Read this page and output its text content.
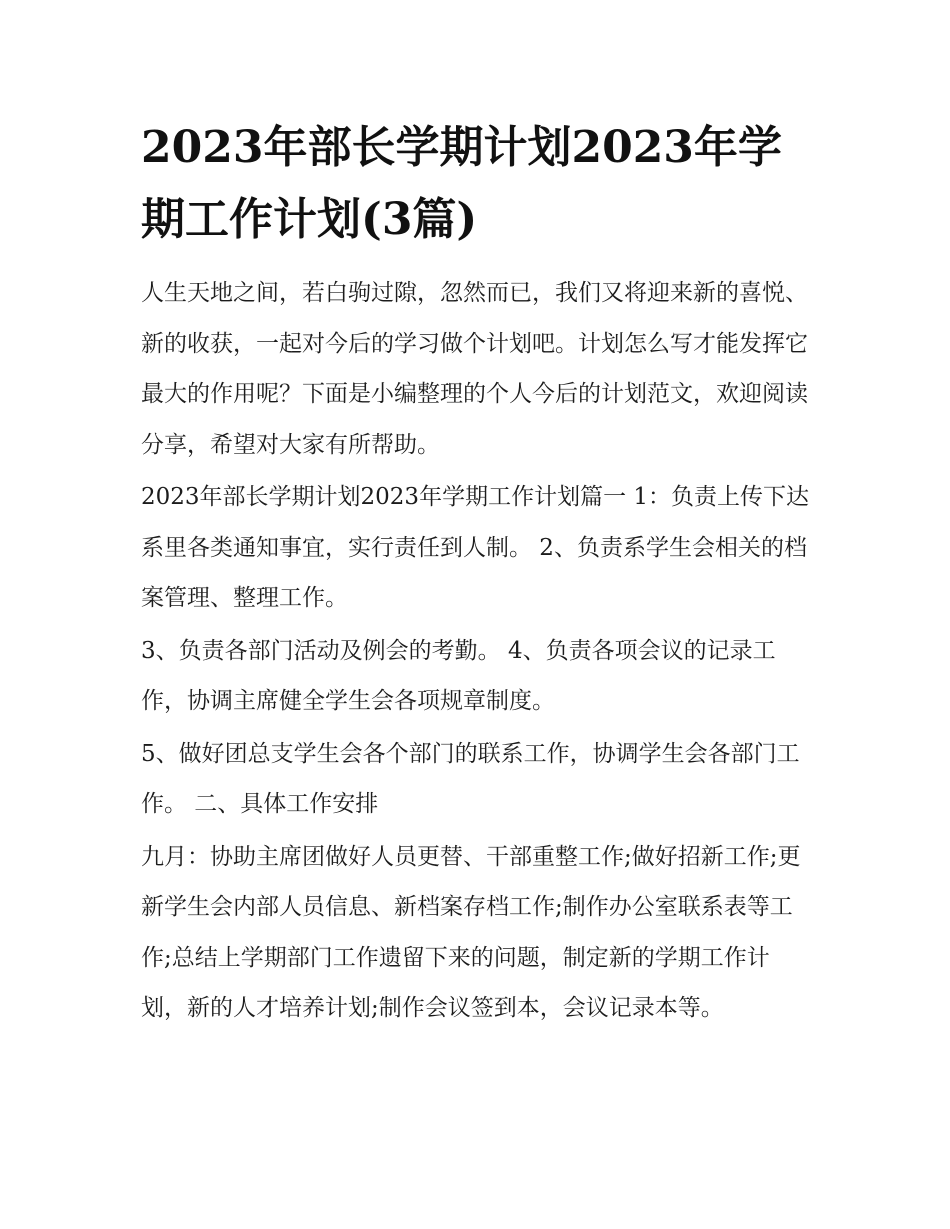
2023年部长学期计划2023年学期工作计划(3篇)

人生天地之间，若白驹过隙，忽然而已，我们又将迎来新的喜悦、新的收获，一起对今后的学习做个计划吧。计划怎么写才能发挥它最大的作用呢？下面是小编整理的个人今后的计划范文，欢迎阅读分享，希望对大家有所帮助。

2023年部长学期计划2023年学期工作计划篇一 1：负责上传下达系里各类通知事宜，实行责任到人制。 2、负责系学生会相关的档案管理、整理工作。

3、负责各部门活动及例会的考勤。 4、负责各项会议的记录工作，协调主席健全学生会各项规章制度。

5、做好团总支学生会各个部门的联系工作，协调学生会各部门工作。 二、具体工作安排

九月：协助主席团做好人员更替、干部重整工作;做好招新工作;更新学生会内部人员信息、新档案存档工作;制作办公室联系表等工作;总结上学期部门工作遗留下来的问题，制定新的学期工作计划，新的人才培养计划;制作会议签到本，会议记录本等。
